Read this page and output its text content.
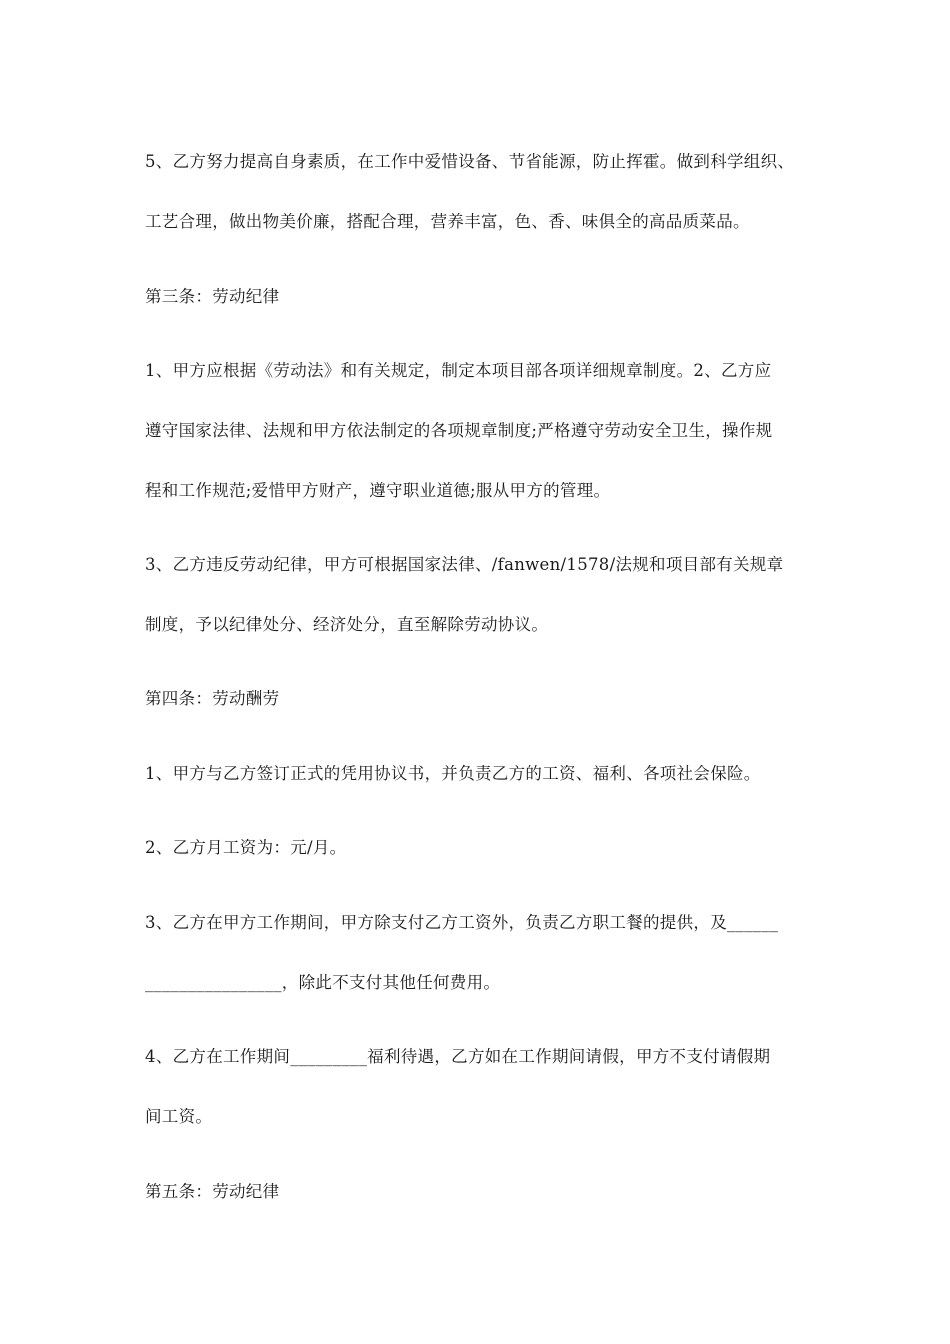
5、乙方努力提高自身素质，在工作中爱惜设备、节省能源，防止挥霍。做到科学组织、
工艺合理，做出物美价廉，搭配合理，营养丰富，色、香、味俱全的高品质菜品。
第三条：劳动纪律
1、甲方应根据《劳动法》和有关规定，制定本项目部各项详细规章制度。2、乙方应
遵守国家法律、法规和甲方依法制定的各项规章制度;严格遵守劳动安全卫生，操作规
程和工作规范;爱惜甲方财产，遵守职业道德;服从甲方的管理。
3、乙方违反劳动纪律，甲方可根据国家法律、/fanwen/1578/法规和项目部有关规章
制度，予以纪律处分、经济处分，直至解除劳动协议。
第四条：劳动酬劳
1、甲方与乙方签订正式的凭用协议书，并负责乙方的工资、福利、各项社会保险。
2、乙方月工资为：元/月。
3、乙方在甲方工作期间，甲方除支付乙方工资外，负责乙方职工餐的提供，及______
________________，除此不支付其他任何费用。
4、乙方在工作期间_________福利待遇，乙方如在工作期间请假，甲方不支付请假期
间工资。
第五条：劳动纪律
